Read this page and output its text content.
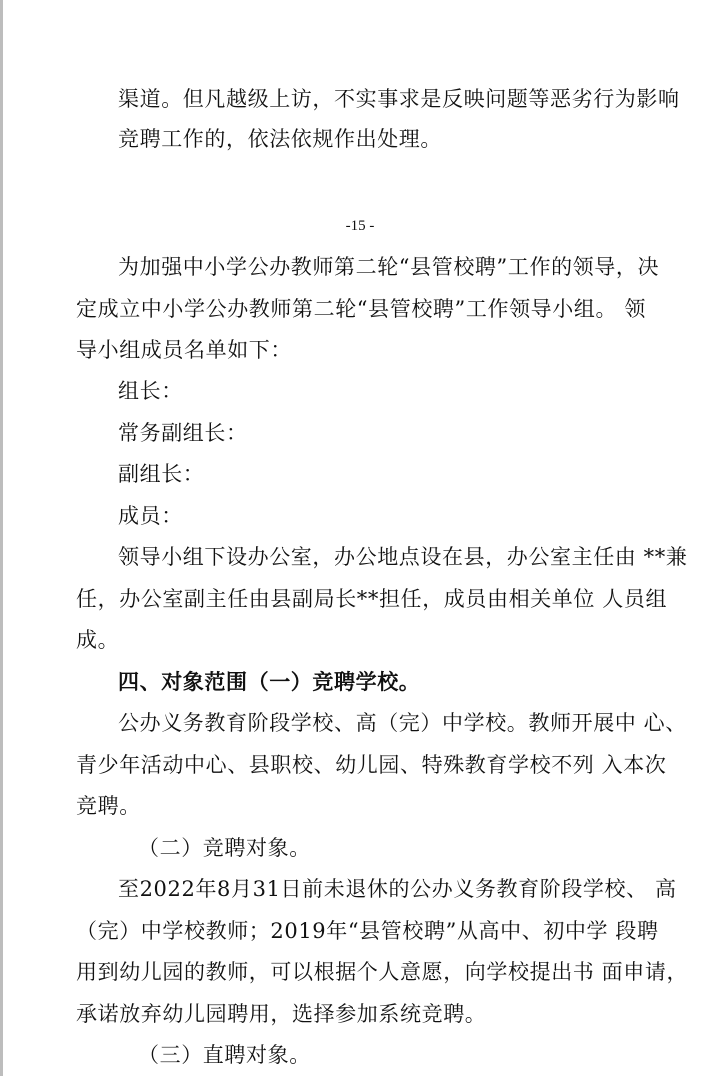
渠道。但凡越级上访，不实事求是反映问题等恶劣行为影响
竞聘工作的，依法依规作出处理。
-15 -
为加强中小学公办教师第二轮“县管校聘”工作的领导，决
定成立中小学公办教师第二轮“县管校聘”工作领导小组。 领
导小组成员名单如下：
组长：
常务副组长：
副组长：
成员：
领导小组下设办公室，办公地点设在县，办公室主任由 **兼
任，办公室副主任由县副局长**担任，成员由相关单位 人员组
成。
四、对象范围（一）竞聘学校。
公办义务教育阶段学校、高（完）中学校。教师开展中 心、
青少年活动中心、县职校、幼儿园、特殊教育学校不列 入本次
竞聘。
（二）竞聘对象。
至2022年8月31日前未退休的公办义务教育阶段学校、 高
（完）中学校教师；2019年“县管校聘”从高中、初中学 段聘
用到幼儿园的教师，可以根据个人意愿，向学校提出书 面申请，
承诺放弃幼儿园聘用，选择参加系统竞聘。
（三）直聘对象。
